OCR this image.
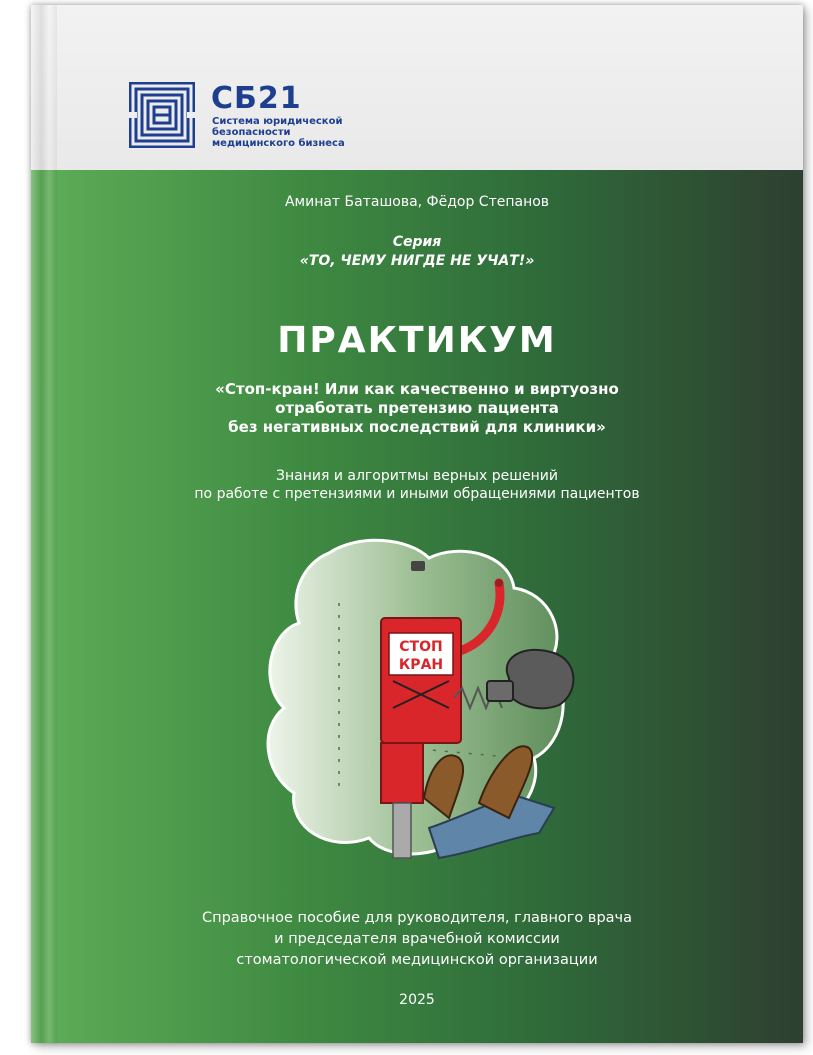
СБ21
Система юридической
безопасности
медицинского бизнеса
Аминат Баташова, Фёдор Степанов
Серия
«ТО, ЧЕМУ НИГДЕ НЕ УЧАТ!»
ПРАКТИКУМ
«Стоп-кран! Или как качественно и виртуозно
отработать претензию пациента
без негативных последствий для клиники»
Знания и алгоритмы верных решений
по работе с претензиями и иными обращениями пациентов
СТОП
КРАН
Справочное пособие для руководителя, главного врача
и председателя врачебной комиссии
стоматологической медицинской организации
2025
